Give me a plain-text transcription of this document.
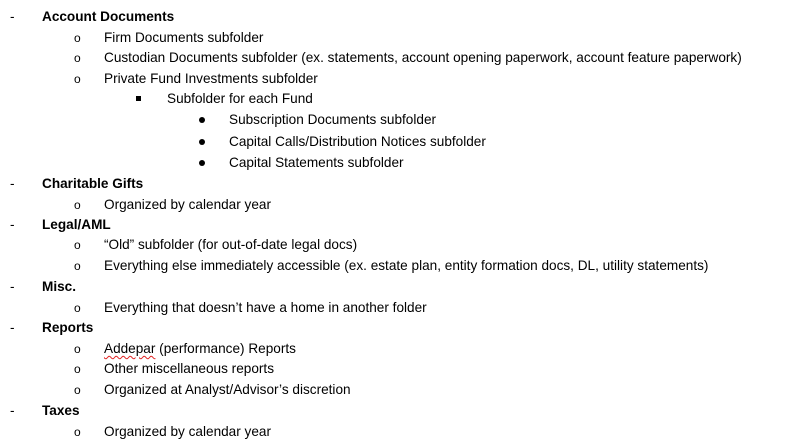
- Account Documents
o Firm Documents subfolder
o Custodian Documents subfolder (ex. statements, account opening paperwork, account feature paperwork)
o Private Fund Investments subfolder
Subfolder for each Fund
Subscription Documents subfolder
Capital Calls/Distribution Notices subfolder
Capital Statements subfolder
- Charitable Gifts
o Organized by calendar year
- Legal/AML
o “Old” subfolder (for out-of-date legal docs)
o Everything else immediately accessible (ex. estate plan, entity formation docs, DL, utility statements)
- Misc.
o Everything that doesn’t have a home in another folder
- Reports
o Addepar (performance) Reports
o Other miscellaneous reports
o Organized at Analyst/Advisor’s discretion
- Taxes
o Organized by calendar year
